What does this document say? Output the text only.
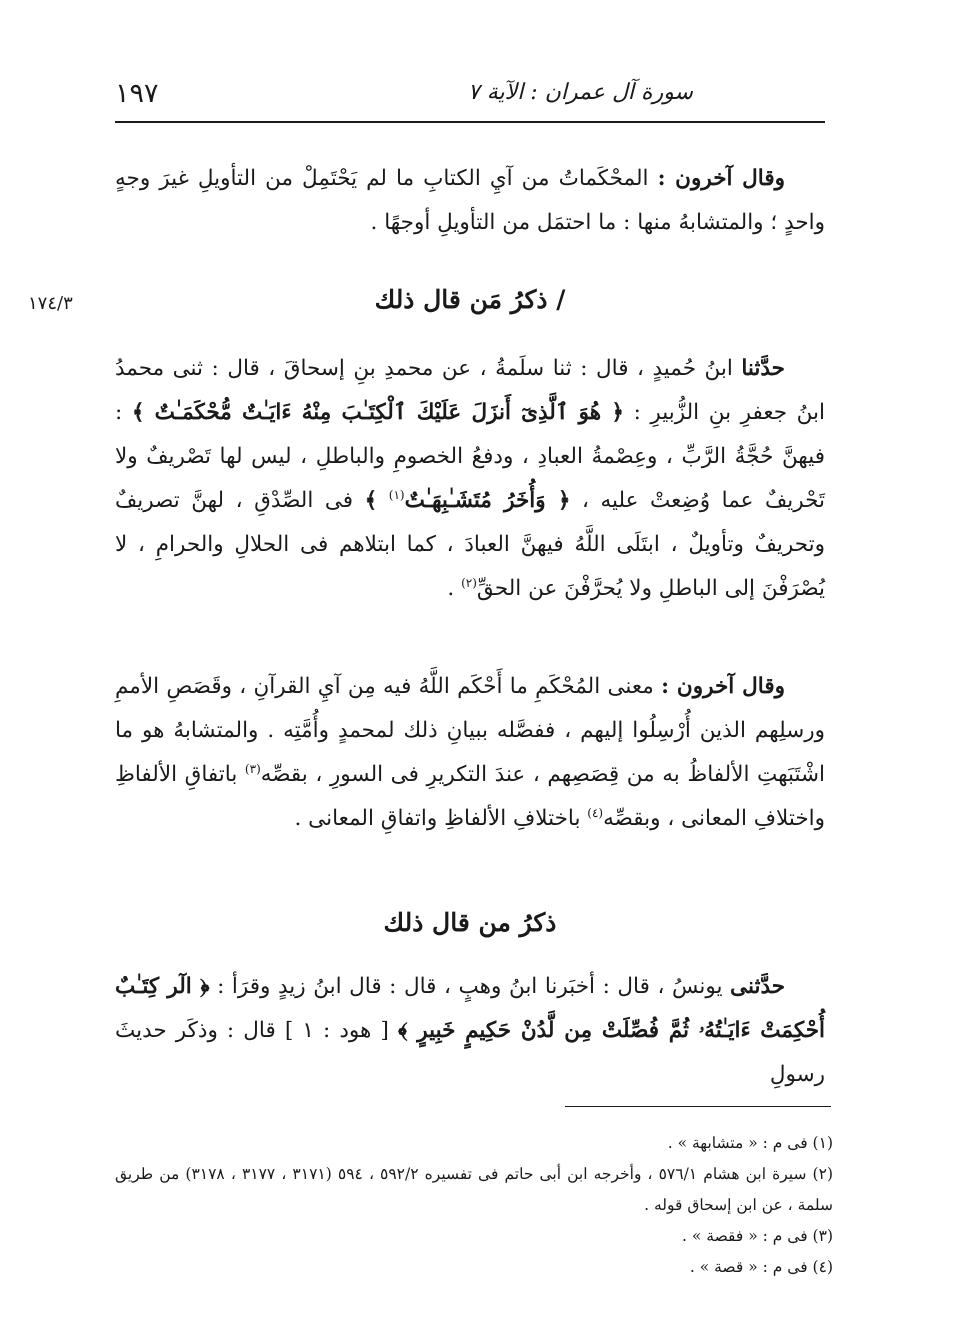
١٩٧	سورة آل عمران : الآية ٧
١٧٤/٣

وقال آخرون : المحْكَماتُ من آيِ الكتابِ ما لم يَحْتَمِلْ من التأويلِ غيرَ وجهٍ واحدٍ ؛ والمتشابهُ منها : ما احتمَل من التأويلِ أوجهًا .

/ ذكرُ مَن قال ذلك

حدَّثنا ابنُ حُميدٍ ، قال : ثنا سلَمةُ ، عن محمدِ بنِ إسحاقَ ، قال : ثنى محمدُ ابنُ جعفرِ بنِ الزُّبيرِ : ﴿ هُوَ ٱلَّذِىٓ أَنزَلَ عَلَيْكَ ٱلْكِتَـٰبَ مِنْهُ ءَايَـٰتٌ مُّحْكَمَـٰتٌ ﴾ : فيهنَّ حُجَّةُ الرَّبِّ ، وعِصْمةُ العبادِ ، ودفعُ الخصومِ والباطلِ ، ليس لها تَصْريفٌ ولا تَحْريفٌ عما وُضِعتْ عليه ، ﴿ وَأُخَرُ مُتَشَـٰبِهَـٰتٌ$^{(١)}$ ﴾ فى الصِّدْقِ ، لهنَّ تصريفٌ وتحريفٌ وتأويلٌ ، ابتَلَى اللَّهُ فيهنَّ العبادَ ، كما ابتلاهم فى الحلالِ والحرامِ ، لا يُصْرَفْنَ إلى الباطلِ ولا يُحرَّفْنَ عن الحقِّ$^{(٢)}$ .

وقال آخرون : معنى المُحْكَمِ ما أَحْكَم اللَّهُ فيه مِن آيِ القرآنِ ، وقَصَصِ الأممِ ورسلِهم الذين أُرْسِلُوا إليهم ، ففصَّله ببيانِ ذلك لمحمدٍ وأُمَّتِه . والمتشابهُ هو ما اشْتَبَهتِ الألفاظُ به من قِصَصِهم ، عندَ التكريرِ فى السورِ ، بقصِّه$^{(٣)}$ باتفاقِ الألفاظِ واختلافِ المعانى ، وبقصِّه$^{(٤)}$ باختلافِ الألفاظِ واتفاقِ المعانى .

ذكرُ من قال ذلك

حدَّثنى يونسُ ، قال : أخبَرنا ابنُ وهبٍ ، قال : قال ابنُ زيدٍ وقرَأ : ﴿ الٓر كِتَـٰبٌ أُحْكِمَتْ ءَايَـٰتُهُۥ ثُمَّ فُصِّلَتْ مِن لَّدُنْ حَكِيمٍ خَبِيرٍ ﴾ [ هود : ١ ] قال : وذكَر حديثَ رسولِ

(١) فى م : « متشابهة » .
(٢) سيرة ابن هشام ٥٧٦/١ ، وأخرجه ابن أبى حاتم فى تفسيره ٥٩٢/٢ ، ٥٩٤ (٣١٧١ ، ٣١٧٧ ، ٣١٧٨) من طريق سلمة ، عن ابن إسحاق قوله .
(٣) فى م : « فقصة » .
(٤) فى م : « قصة » .
